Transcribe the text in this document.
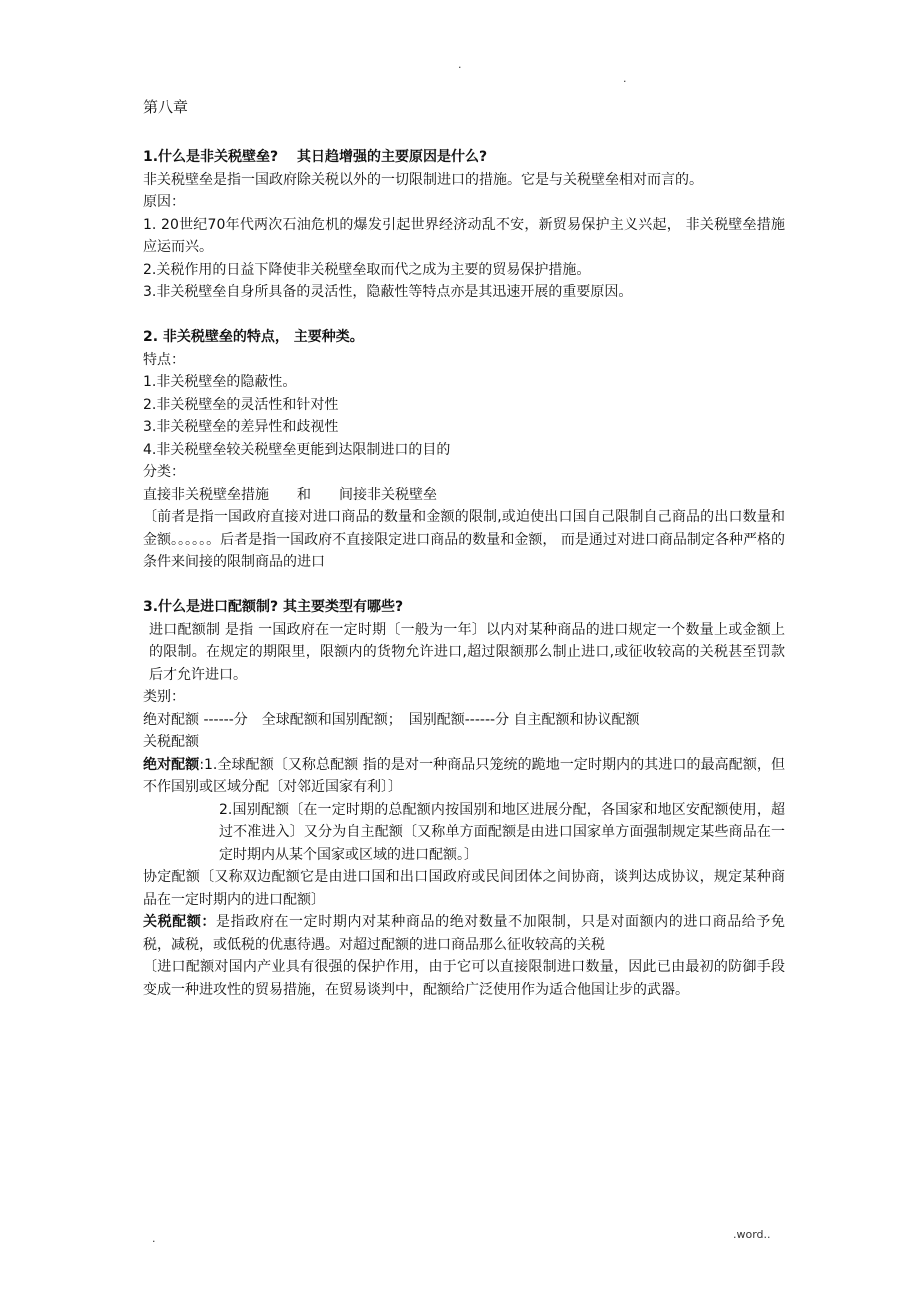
.
.
第八章

1.什么是非关税壁垒?　 其日趋增强的主要原因是什么?

非关税壁垒是指一国政府除关税以外的一切限制进口的措施。它是与关税壁垒相对而言的。

原因：

1. 20世纪70年代两次石油危机的爆发引起世界经济动乱不安，新贸易保护主义兴起， 非关税壁垒措施应运而兴。

2.关税作用的日益下降使非关税壁垒取而代之成为主要的贸易保护措施。

3.非关税壁垒自身所具备的灵活性，隐蔽性等特点亦是其迅速开展的重要原因。

2. 非关税壁垒的特点， 主要种类。

特点：

1.非关税壁垒的隐蔽性。

2.非关税壁垒的灵活性和针对性

3.非关税壁垒的差异性和歧视性

4.非关税壁垒较关税壁垒更能到达限制进口的目的

分类：

直接非关税壁垒措施　　和　　间接非关税壁垒

〔前者是指一国政府直接对进口商品的数量和金额的限制,或迫使出口国自己限制自己商品的出口数量和金额。。。。。。后者是指一国政府不直接限定进口商品的数量和金额， 而是通过对进口商品制定各种严格的条件来间接的限制商品的进口

3.什么是进口配额制? 其主要类型有哪些?

进口配额制 是指 一国政府在一定时期〔一般为一年〕以内对某种商品的进口规定一个数量上或金额上的限制。在规定的期限里，限额内的货物允许进口,超过限额那么制止进口,或征收较高的关税甚至罚款后才允许进口。

类别：

绝对配额 ------分　全球配额和国别配额；　国别配额------分 自主配额和协议配额

关税配额

绝对配额:1.全球配额〔又称总配额 指的是对一种商品只笼统的跪地一定时期内的其进口的最高配额，但不作国别或区域分配〔对邻近国家有利〕〕

2.国别配额〔在一定时期的总配额内按国别和地区进展分配，各国家和地区安配额使用，超过不准进入〕又分为自主配额〔又称单方面配额是由进口国家单方面强制规定某些商品在一定时期内从某个国家或区域的进口配额。〕

协定配额〔又称双边配额它是由进口国和出口国政府或民间团体之间协商，谈判达成协议，规定某种商品在一定时期内的进口配额〕

关税配额：是指政府在一定时期内对某种商品的绝对数量不加限制，只是对面额内的进口商品给予免税，减税，或低税的优惠待遇。对超过配额的进口商品那么征收较高的关税

〔进口配额对国内产业具有很强的保护作用，由于它可以直接限制进口数量，因此已由最初的防御手段变成一种进攻性的贸易措施，在贸易谈判中，配额给广泛使用作为适合他国让步的武器。

.	.word..
